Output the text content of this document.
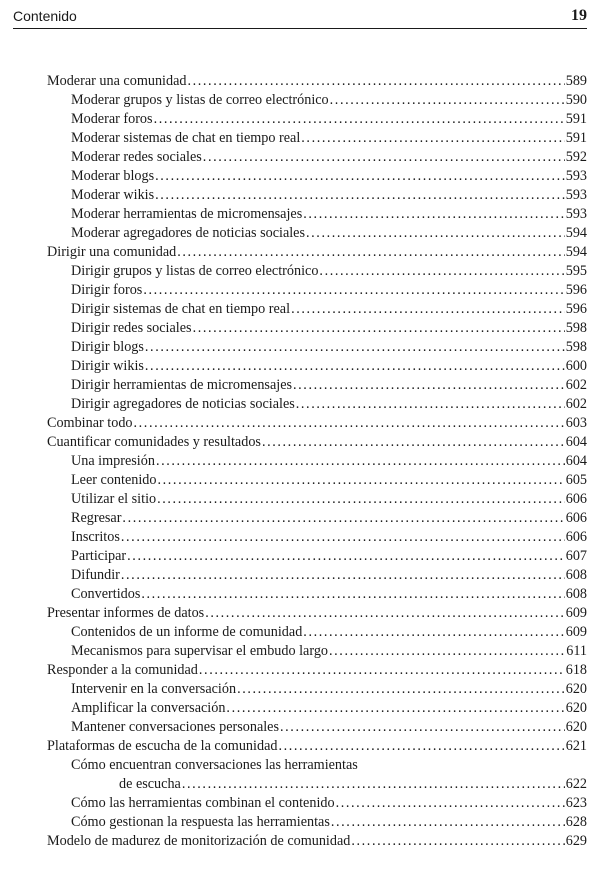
Contenido	19
Moderar una comunidad .....	589
Moderar grupos y listas de correo electrónico .....	590
Moderar foros .....	591
Moderar sistemas de chat en tiempo real .....	591
Moderar redes sociales .....	592
Moderar blogs .....	593
Moderar wikis .....	593
Moderar herramientas de micromensajes .....	593
Moderar agregadores de noticias sociales .....	594
Dirigir una comunidad .....	594
Dirigir grupos y listas de correo electrónico .....	595
Dirigir foros .....	596
Dirigir sistemas de chat en tiempo real .....	596
Dirigir redes sociales .....	598
Dirigir blogs .....	598
Dirigir wikis .....	600
Dirigir herramientas de micromensajes .....	602
Dirigir agregadores de noticias sociales .....	602
Combinar todo .....	603
Cuantificar comunidades y resultados .....	604
Una impresión .....	604
Leer contenido .....	605
Utilizar el sitio .....	606
Regresar .....	606
Inscritos .....	606
Participar .....	607
Difundir .....	608
Convertidos .....	608
Presentar informes de datos .....	609
Contenidos de un informe de comunidad .....	609
Mecanismos para supervisar el embudo largo .....	611
Responder a la comunidad .....	618
Intervenir en la conversación .....	620
Amplificar la conversación .....	620
Mantener conversaciones personales .....	620
Plataformas de escucha de la comunidad .....	621
Cómo encuentran conversaciones las herramientas
de escucha .....	622
Cómo las herramientas combinan el contenido .....	623
Cómo gestionan la respuesta las herramientas .....	628
Modelo de madurez de monitorización de comunidad .....	629
